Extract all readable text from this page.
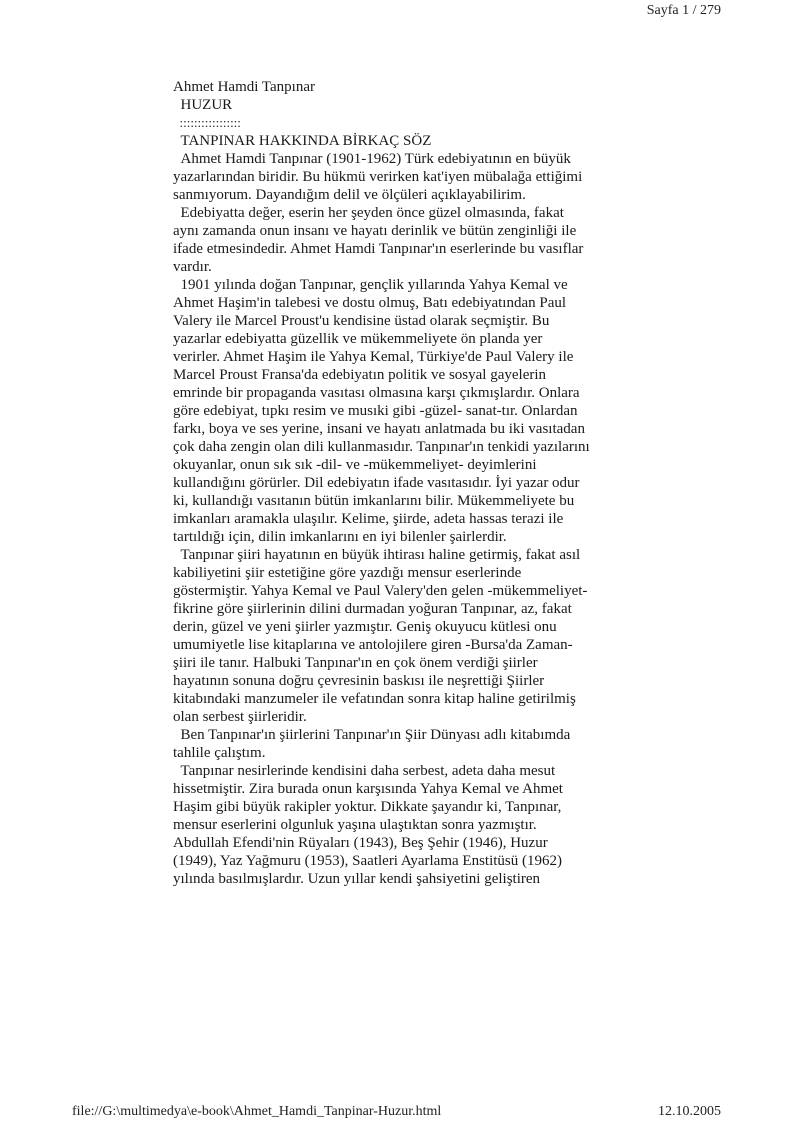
Sayfa 1 / 279

Ahmet Hamdi Tanpınar

HUZUR

:::::::::::::::::

TANPINAR HAKKINDA BİRKAÇ SÖZ

Ahmet Hamdi Tanpınar (1901-1962) Türk edebiyatının en büyük
yazarlarından biridir. Bu hükmü verirken kat'iyen mübalağa ettiğimi
sanmıyorum. Dayandığım delil ve ölçüleri açıklayabilirim.

Edebiyatta değer, eserin her şeyden önce güzel olmasında, fakat
aynı zamanda onun insanı ve hayatı derinlik ve bütün zenginliği ile
ifade etmesindedir. Ahmet Hamdi Tanpınar'ın eserlerinde bu vasıflar
vardır.

1901 yılında doğan Tanpınar, gençlik yıllarında Yahya Kemal ve
Ahmet Haşim'in talebesi ve dostu olmuş, Batı edebiyatından Paul
Valery ile Marcel Proust'u kendisine üstad olarak seçmiştir. Bu
yazarlar edebiyatta güzellik ve mükemmeliyete ön planda yer
verirler. Ahmet Haşim ile Yahya Kemal, Türkiye'de Paul Valery ile
Marcel Proust Fransa'da edebiyatın politik ve sosyal gayelerin
emrinde bir propaganda vasıtası olmasına karşı çıkmışlardır. Onlara
göre edebiyat, tıpkı resim ve musıki gibi -güzel- sanat-tır. Onlardan
farkı, boya ve ses yerine, insani ve hayatı anlatmada bu iki vasıtadan
çok daha zengin olan dili kullanmasıdır. Tanpınar'ın tenkidi yazılarını
okuyanlar, onun sık sık -dil- ve -mükemmeliyet- deyimlerini
kullandığını görürler. Dil edebiyatın ifade vasıtasıdır. İyi yazar odur
ki, kullandığı vasıtanın bütün imkanlarını bilir. Mükemmeliyete bu
imkanları aramakla ulaşılır. Kelime, şiirde, adeta hassas terazi ile
tartıldığı için, dilin imkanlarını en iyi bilenler şairlerdir.

Tanpınar şiiri hayatının en büyük ihtirası haline getirmiş, fakat asıl
kabiliyetini şiir estetiğine göre yazdığı mensur eserlerinde
göstermiştir. Yahya Kemal ve Paul Valery'den gelen -mükemmeliyet-
fikrine göre şiirlerinin dilini durmadan yoğuran Tanpınar, az, fakat
derin, güzel ve yeni şiirler yazmıştır. Geniş okuyucu kütlesi onu
umumiyetle lise kitaplarına ve antolojilere giren -Bursa'da Zaman-
şiiri ile tanır. Halbuki Tanpınar'ın en çok önem verdiği şiirler
hayatının sonuna doğru çevresinin baskısı ile neşrettiği Şiirler
kitabındaki manzumeler ile vefatından sonra kitap haline getirilmiş
olan serbest şiirleridir.

Ben Tanpınar'ın şiirlerini Tanpınar'ın Şiir Dünyası adlı kitabımda
tahlile çalıştım.

Tanpınar nesirlerinde kendisini daha serbest, adeta daha mesut
hissetmiştir. Zira burada onun karşısında Yahya Kemal ve Ahmet
Haşim gibi büyük rakipler yoktur. Dikkate şayandır ki, Tanpınar,
mensur eserlerini olgunluk yaşına ulaştıktan sonra yazmıştır.
Abdullah Efendi'nin Rüyaları (1943), Beş Şehir (1946), Huzur
(1949), Yaz Yağmuru (1953), Saatleri Ayarlama Enstitüsü (1962)
yılında basılmışlardır. Uzun yıllar kendi şahsiyetini geliştiren

file://G:\multimedya\e-book\Ahmet_Hamdi_Tanpinar-Huzur.html	12.10.2005
